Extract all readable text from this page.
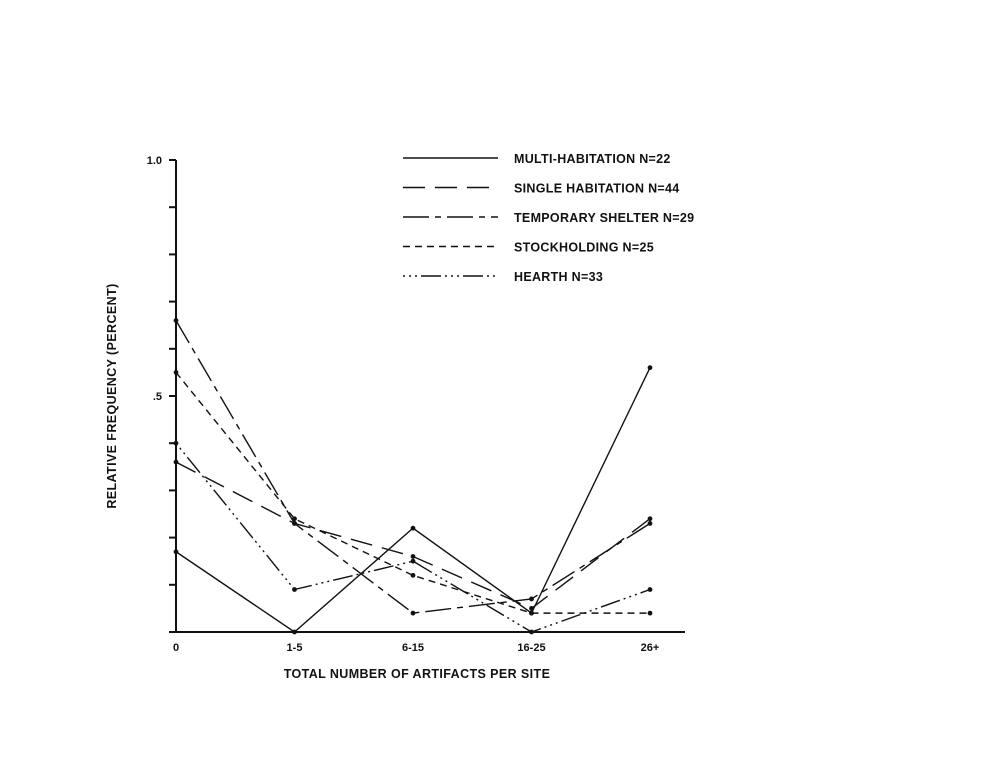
.5
1.0
0	1-5	6-15	16-25	26+
TOTAL NUMBER OF ARTIFACTS PER SITE
RELATIVE FREQUENCY (PERCENT)
MULTI-HABITATION N=22
SINGLE HABITATION N=44
TEMPORARY SHELTER N=29
STOCKHOLDING N=25
HEARTH N=33
